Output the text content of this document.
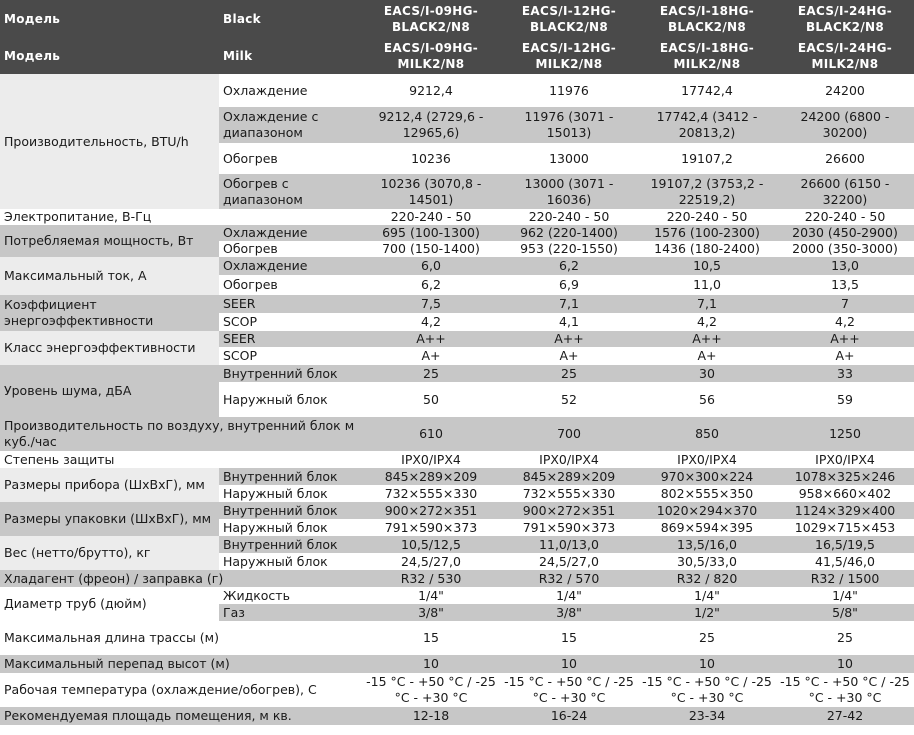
Модель	Black	EACS/I-09HG-BLACK2/N8	EACS/I-12HG-BLACK2/N8	EACS/I-18HG-BLACK2/N8	EACS/I-24HG-BLACK2/N8
Модель	Milk	EACS/I-09HG-MILK2/N8	EACS/I-12HG-MILK2/N8	EACS/I-18HG-MILK2/N8	EACS/I-24HG-MILK2/N8
Производительность, BTU/h	Охлаждение	9212,4	11976	17742,4	24200
	Охлаждение с диапазоном	9212,4 (2729,6 - 12965,6)	11976 (3071 - 15013)	17742,4 (3412 - 20813,2)	24200 (6800 - 30200)
	Обогрев	10236	13000	19107,2	26600
	Обогрев с диапазоном	10236 (3070,8 - 14501)	13000 (3071 - 16036)	19107,2 (3753,2 - 22519,2)	26600 (6150 - 32200)
Электропитание, В-Гц		220-240 - 50	220-240 - 50	220-240 - 50	220-240 - 50
Потребляемая мощность, Вт	Охлаждение	695 (100-1300)	962 (220-1400)	1576 (100-2300)	2030 (450-2900)
	Обогрев	700 (150-1400)	953 (220-1550)	1436 (180-2400)	2000 (350-3000)
Максимальный ток, А	Охлаждение	6,0	6,2	10,5	13,0
	Обогрев	6,2	6,9	11,0	13,5
Коэффициент энергоэффективности	SEER	7,5	7,1	7,1	7
	SCOP	4,2	4,1	4,2	4,2
Класс энергоэффективности	SEER	A++	A++	A++	A++
	SCOP	A+	A+	A+	A+
Уровень шума, дБА	Внутренний блок	25	25	30	33
	Наружный блок	50	52	56	59
Производительность по воздуху, внутренний блок м куб./час		610	700	850	1250
Степень защиты		IPX0/IPX4	IPX0/IPX4	IPX0/IPX4	IPX0/IPX4
Размеры прибора (ШхВхГ), мм	Внутренний блок	845×289×209	845×289×209	970×300×224	1078×325×246
	Наружный блок	732×555×330	732×555×330	802×555×350	958×660×402
Размеры упаковки (ШхВхГ), мм	Внутренний блок	900×272×351	900×272×351	1020×294×370	1124×329×400
	Наружный блок	791×590×373	791×590×373	869×594×395	1029×715×453
Вес (нетто/брутто), кг	Внутренний блок	10,5/12,5	11,0/13,0	13,5/16,0	16,5/19,5
	Наружный блок	24,5/27,0	24,5/27,0	30,5/33,0	41,5/46,0
Хладагент (фреон) / заправка (г)		R32 / 530	R32 / 570	R32 / 820	R32 / 1500
Диаметр труб (дюйм)	Жидкость	1/4"	1/4"	1/4"	1/4"
	Газ	3/8"	3/8"	1/2"	5/8"
Максимальная длина трассы (м)		15	15	25	25
Максимальный перепад высот (м)		10	10	10	10
Рабочая температура (охлаждение/обогрев), С		-15 °C - +50 °C / -25 °C - +30 °C	-15 °C - +50 °C / -25 °C - +30 °C	-15 °C - +50 °C / -25 °C - +30 °C	-15 °C - +50 °C / -25 °C - +30 °C
Рекомендуемая площадь помещения, м кв.		12-18	16-24	23-34	27-42
